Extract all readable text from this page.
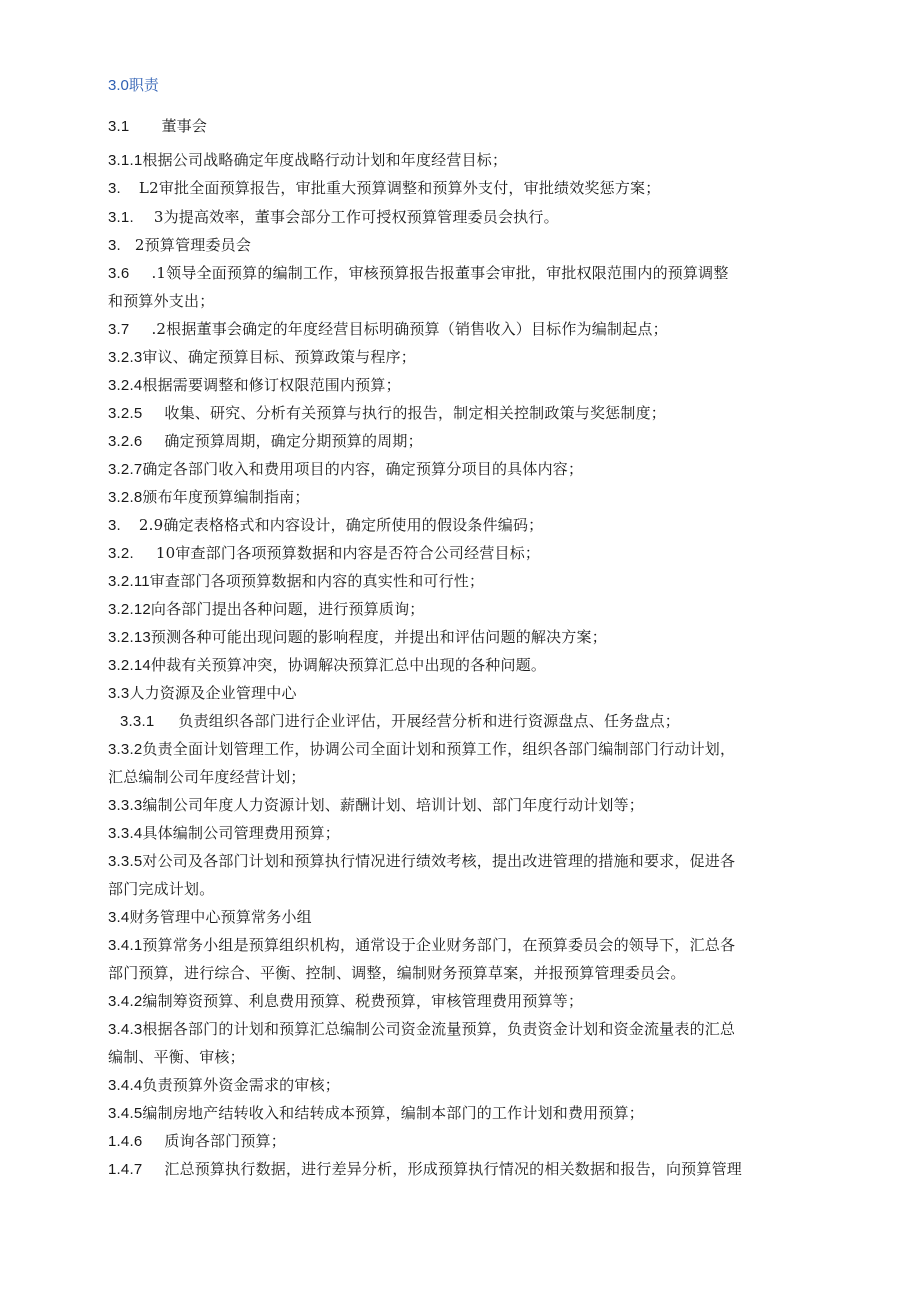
3.0职责
3.1 董事会
3.1.1根据公司战略确定年度战略行动计划和年度经营目标；
3. L2审批全面预算报告，审批重大预算调整和预算外支付，审批绩效奖惩方案；
3.1. 3为提高效率，董事会部分工作可授权预算管理委员会执行。
3. 2预算管理委员会
3.6 .1领导全面预算的编制工作，审核预算报告报董事会审批，审批权限范围内的预算调整
和预算外支出；
3.7 .2根据董事会确定的年度经营目标明确预算（销售收入）目标作为编制起点；
3.2.3审议、确定预算目标、预算政策与程序；
3.2.4根据需要调整和修订权限范围内预算；
3.2.5 收集、研究、分析有关预算与执行的报告，制定相关控制政策与奖惩制度；
3.2.6 确定预算周期，确定分期预算的周期；
3.2.7确定各部门收入和费用项目的内容，确定预算分项目的具体内容；
3.2.8颁布年度预算编制指南；
3. 2.9确定表格格式和内容设计，确定所使用的假设条件编码；
3.2. 10审查部门各项预算数据和内容是否符合公司经营目标；
3.2.11审查部门各项预算数据和内容的真实性和可行性；
3.2.12向各部门提出各种问题，进行预算质询；
3.2.13预测各种可能出现问题的影响程度，并提出和评估问题的解决方案；
3.2.14仲裁有关预算冲突，协调解决预算汇总中出现的各种问题。
3.3人力资源及企业管理中心
3.3.1 负责组织各部门进行企业评估，开展经营分析和进行资源盘点、任务盘点；
3.3.2负责全面计划管理工作，协调公司全面计划和预算工作，组织各部门编制部门行动计划，
汇总编制公司年度经营计划；
3.3.3编制公司年度人力资源计划、薪酬计划、培训计划、部门年度行动计划等；
3.3.4具体编制公司管理费用预算；
3.3.5对公司及各部门计划和预算执行情况进行绩效考核，提出改进管理的措施和要求，促进各
部门完成计划。
3.4财务管理中心预算常务小组
3.4.1预算常务小组是预算组织机构，通常设于企业财务部门，在预算委员会的领导下，汇总各
部门预算，进行综合、平衡、控制、调整，编制财务预算草案，并报预算管理委员会。
3.4.2编制筹资预算、利息费用预算、税费预算，审核管理费用预算等；
3.4.3根据各部门的计划和预算汇总编制公司资金流量预算，负责资金计划和资金流量表的汇总
编制、平衡、审核；
3.4.4负责预算外资金需求的审核；
3.4.5编制房地产结转收入和结转成本预算，编制本部门的工作计划和费用预算；
1.4.6 质询各部门预算；
1.4.7 汇总预算执行数据，进行差异分析，形成预算执行情况的相关数据和报告，向预算管理
